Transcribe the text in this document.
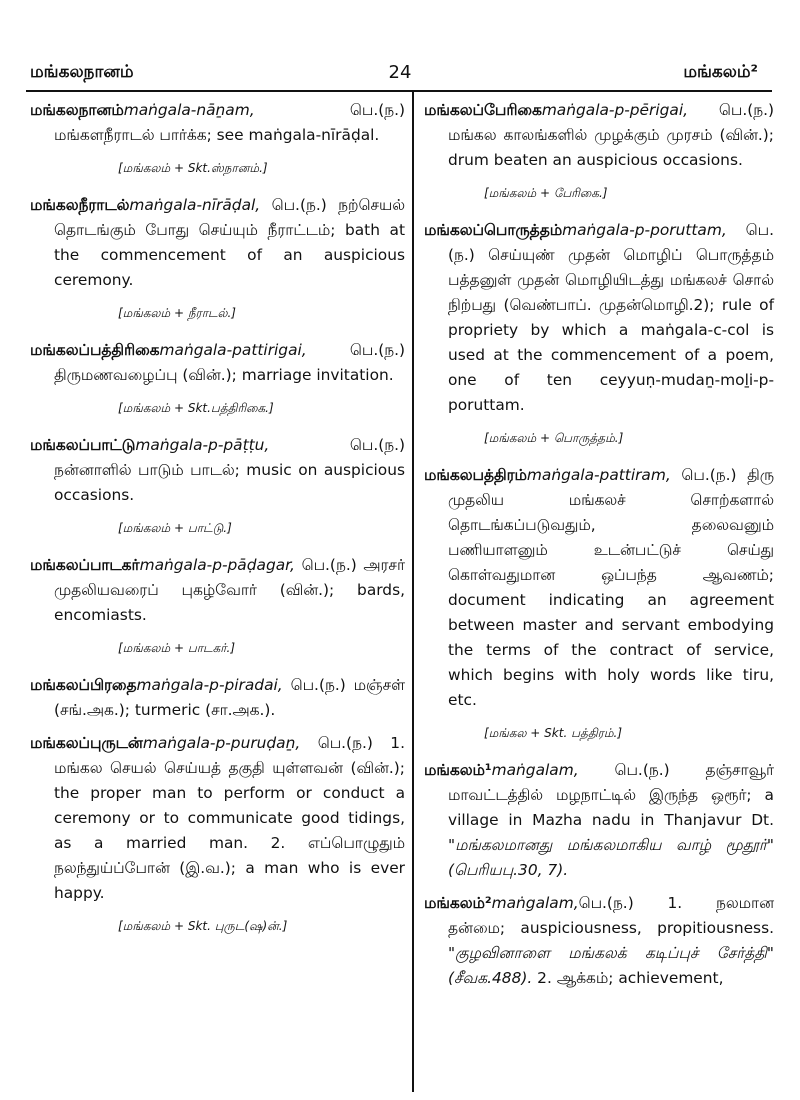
மங்கலநானம்	24	மங்கலம்²

மங்கலநானம்maṅgala-nāṉam, பெ.(ந.) மங்களநீராடல் பார்க்க; see maṅgala-nīrāḍal.

[மங்கலம் + Skt.ஸ்நானம்.]

மங்கலநீராடல்maṅgala-nīrāḍal, பெ.(ந.) நற்செயல் தொடங்கும் போது செய்யும் நீராட்டம்; bath at the commencement of an auspicious ceremony.

[மங்கலம் + நீராடல்.]

மங்கலப்பத்திரிகைmaṅgala-pattirigai, பெ.(ந.) திருமணவழைப்பு (வின்.); marriage invitation.

[மங்கலம் + Skt.பத்திரிகை.]

மங்கலப்பாட்டுmaṅgala-p-pāṭṭu, பெ.(ந.) நன்னாளில் பாடும் பாடல்; music on auspicious occasions.

[மங்கலம் + பாட்டு.]

மங்கலப்பாடகர்maṅgala-p-pāḍagar, பெ.(ந.) அரசர் முதலியவரைப் புகழ்வோர் (வின்.); bards, encomiasts.

[மங்கலம் + பாடகர்.]

மங்கலப்பிரதைmaṅgala-p-piradai, பெ.(ந.) மஞ்சள் (சங்.அக.); turmeric (சா.அக.).

மங்கலப்புருடன்maṅgala-p-puruḍaṉ, பெ.(ந.) 1. மங்கல செயல் செய்யத் தகுதி யுள்ளவன் (வின்.); the proper man to perform or conduct a ceremony or to communicate good tidings, as a married man. 2. எப்பொழுதும் நலந்துய்ப்போன் (இ.வ.); a man who is ever happy.

[மங்கலம் + Skt. புருட(ஷ)ன்.]

மங்கலப்பேரிகைmaṅgala-p-pērigai, பெ.(ந.) மங்கல காலங்களில் முழக்கும் முரசம் (வின்.); drum beaten an auspicious occasions.

[மங்கலம் + பேரிகை.]

மங்கலப்பொருத்தம்maṅgala-p-poruttam, பெ.(ந.) செய்யுண் முதன் மொழிப் பொருத்தம் பத்தனுள் முதன் மொழியிடத்து மங்கலச் சொல் நிற்பது (வெண்பாப். முதன்மொழி.2); rule of propriety by which a maṅgala-c-col is used at the commencement of a poem, one of ten ceyyuṇ-mudaṉ-moḻi-p-poruttam.

[மங்கலம் + பொருத்தம்.]

மங்கலபத்திரம்maṅgala-pattiram, பெ.(ந.) திரு முதலிய மங்கலச் சொற்களால் தொடங்கப்படுவதும், தலைவனும் பணியாளனும் உடன்பட்டுச் செய்து கொள்வதுமான ஒப்பந்த ஆவணம்; document indicating an agreement between master and servant embodying the terms of the contract of service, which begins with holy words like tiru, etc.

[மங்கல + Skt. பத்திரம்.]

மங்கலம்¹maṅgalam, பெ.(ந.) தஞ்சாவூர் மாவட்டத்தில் மழநாட்டில் இருந்த ஒரூர்; a village in Mazha nadu in Thanjavur Dt. "மங்கலமானது மங்கலமாகிய வாழ் மூதூர்" (பெரியபு.30, 7).

மங்கலம்²maṅgalam,பெ.(ந.) 1. நலமான தன்மை; auspiciousness, propitiousness. "குழவினாளை மங்கலக் கடிப்புச் சேர்த்தி" (சீவக.488). 2. ஆக்கம்; achievement,
